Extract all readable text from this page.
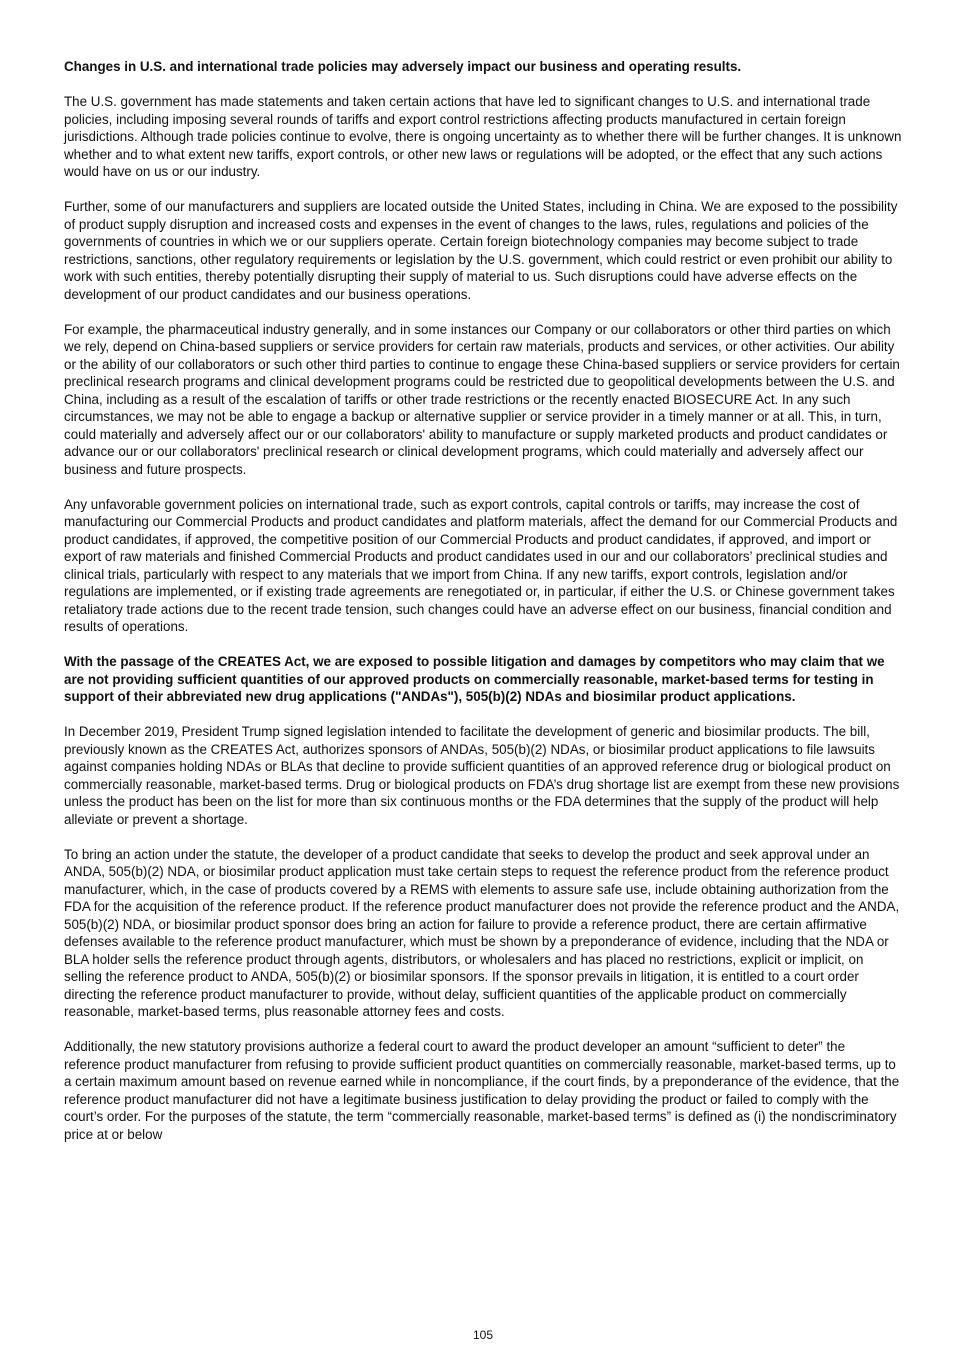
Changes in U.S. and international trade policies may adversely impact our business and operating results.

The U.S. government has made statements and taken certain actions that have led to significant changes to U.S. and international trade policies, including imposing several rounds of tariffs and export control restrictions affecting products manufactured in certain foreign jurisdictions. Although trade policies continue to evolve, there is ongoing uncertainty as to whether there will be further changes. It is unknown whether and to what extent new tariffs, export controls, or other new laws or regulations will be adopted, or the effect that any such actions would have on us or our industry.

Further, some of our manufacturers and suppliers are located outside the United States, including in China. We are exposed to the possibility of product supply disruption and increased costs and expenses in the event of changes to the laws, rules, regulations and policies of the governments of countries in which we or our suppliers operate. Certain foreign biotechnology companies may become subject to trade restrictions, sanctions, other regulatory requirements or legislation by the U.S. government, which could restrict or even prohibit our ability to work with such entities, thereby potentially disrupting their supply of material to us. Such disruptions could have adverse effects on the development of our product candidates and our business operations.

For example, the pharmaceutical industry generally, and in some instances our Company or our collaborators or other third parties on which we rely, depend on China-based suppliers or service providers for certain raw materials, products and services, or other activities. Our ability or the ability of our collaborators or such other third parties to continue to engage these China-based suppliers or service providers for certain preclinical research programs and clinical development programs could be restricted due to geopolitical developments between the U.S. and China, including as a result of the escalation of tariffs or other trade restrictions or the recently enacted BIOSECURE Act. In any such circumstances, we may not be able to engage a backup or alternative supplier or service provider in a timely manner or at all. This, in turn, could materially and adversely affect our or our collaborators' ability to manufacture or supply marketed products and product candidates or advance our or our collaborators' preclinical research or clinical development programs, which could materially and adversely affect our business and future prospects.

Any unfavorable government policies on international trade, such as export controls, capital controls or tariffs, may increase the cost of manufacturing our Commercial Products and product candidates and platform materials, affect the demand for our Commercial Products and product candidates, if approved, the competitive position of our Commercial Products and product candidates, if approved, and import or export of raw materials and finished Commercial Products and product candidates used in our and our collaborators’ preclinical studies and clinical trials, particularly with respect to any materials that we import from China. If any new tariffs, export controls, legislation and/or regulations are implemented, or if existing trade agreements are renegotiated or, in particular, if either the U.S. or Chinese government takes retaliatory trade actions due to the recent trade tension, such changes could have an adverse effect on our business, financial condition and results of operations.

With the passage of the CREATES Act, we are exposed to possible litigation and damages by competitors who may claim that we are not providing sufficient quantities of our approved products on commercially reasonable, market-based terms for testing in support of their abbreviated new drug applications ("ANDAs"), 505(b)(2) NDAs and biosimilar product applications.

In December 2019, President Trump signed legislation intended to facilitate the development of generic and biosimilar products. The bill, previously known as the CREATES Act, authorizes sponsors of ANDAs, 505(b)(2) NDAs, or biosimilar product applications to file lawsuits against companies holding NDAs or BLAs that decline to provide sufficient quantities of an approved reference drug or biological product on commercially reasonable, market-based terms. Drug or biological products on FDA’s drug shortage list are exempt from these new provisions unless the product has been on the list for more than six continuous months or the FDA determines that the supply of the product will help alleviate or prevent a shortage.

To bring an action under the statute, the developer of a product candidate that seeks to develop the product and seek approval under an ANDA, 505(b)(2) NDA, or biosimilar product application must take certain steps to request the reference product from the reference product manufacturer, which, in the case of products covered by a REMS with elements to assure safe use, include obtaining authorization from the FDA for the acquisition of the reference product. If the reference product manufacturer does not provide the reference product and the ANDA, 505(b)(2) NDA, or biosimilar product sponsor does bring an action for failure to provide a reference product, there are certain affirmative defenses available to the reference product manufacturer, which must be shown by a preponderance of evidence, including that the NDA or BLA holder sells the reference product through agents, distributors, or wholesalers and has placed no restrictions, explicit or implicit, on selling the reference product to ANDA, 505(b)(2) or biosimilar sponsors. If the sponsor prevails in litigation, it is entitled to a court order directing the reference product manufacturer to provide, without delay, sufficient quantities of the applicable product on commercially reasonable, market-based terms, plus reasonable attorney fees and costs.

Additionally, the new statutory provisions authorize a federal court to award the product developer an amount “sufficient to deter” the reference product manufacturer from refusing to provide sufficient product quantities on commercially reasonable, market-based terms, up to a certain maximum amount based on revenue earned while in noncompliance, if the court finds, by a preponderance of the evidence, that the reference product manufacturer did not have a legitimate business justification to delay providing the product or failed to comply with the court’s order. For the purposes of the statute, the term “commercially reasonable, market-based terms” is defined as (i) the nondiscriminatory price at or below

105
